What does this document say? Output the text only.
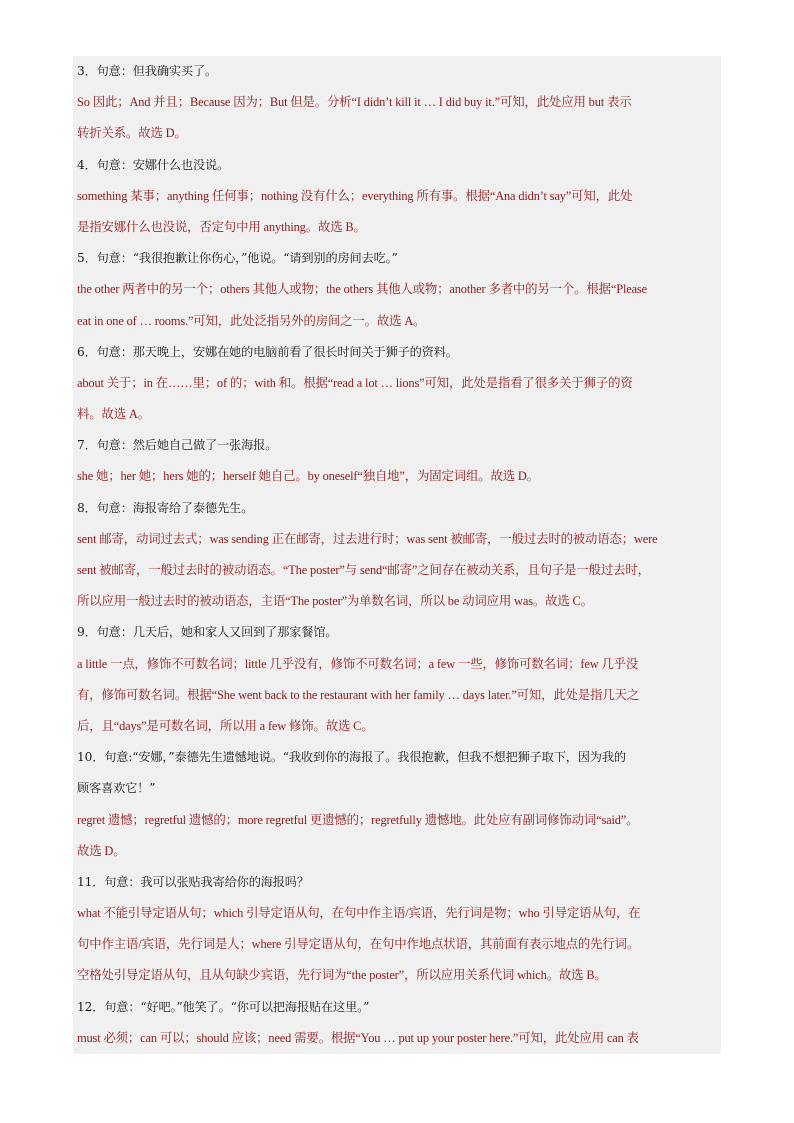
3．句意：但我确实买了。
So 因此；And 并且；Because 因为；But 但是。分析“I didn’t kill it … I did buy it.”可知，此处应用 but 表示
转折关系。故选 D。
4．句意：安娜什么也没说。
something 某事；anything 任何事；nothing 没有什么；everything 所有事。根据“Ana didn’t say”可知，此处
是指安娜什么也没说，否定句中用 anything。故选 B。
5．句意：“我很抱歉让你伤心，”他说。“请到别的房间去吃。”
the other 两者中的另一个；others 其他人或物；the others 其他人或物；another 多者中的另一个。根据“Please
eat in one of … rooms.”可知，此处泛指另外的房间之一。故选 A。
6．句意：那天晚上，安娜在她的电脑前看了很长时间关于狮子的资料。
about 关于；in 在……里；of 的；with 和。根据“read a lot … lions”可知，此处是指看了很多关于狮子的资
料。故选 A。
7．句意：然后她自己做了一张海报。
she 她；her 她；hers 她的；herself 她自己。by oneself“独自地”，为固定词组。故选 D。
8．句意：海报寄给了泰德先生。
sent 邮寄，动词过去式；was sending 正在邮寄，过去进行时；was sent 被邮寄，一般过去时的被动语态；were
sent 被邮寄，一般过去时的被动语态。“The poster”与 send“邮寄”之间存在被动关系，且句子是一般过去时，
所以应用一般过去时的被动语态，主语“The poster”为单数名词，所以 be 动词应用 was。故选 C。
9．句意：几天后，她和家人又回到了那家餐馆。
a little 一点，修饰不可数名词；little 几乎没有，修饰不可数名词；a few 一些，修饰可数名词；few 几乎没
有，修饰可数名词。根据“She went back to the restaurant with her family … days later.”可知，此处是指几天之
后，且“days”是可数名词，所以用 a few 修饰。故选 C。
10．句意:“安娜，”泰德先生遗憾地说。“我收到你的海报了。我很抱歉，但我不想把狮子取下，因为我的
顾客喜欢它！”
regret 遗憾；regretful 遗憾的；more regretful 更遗憾的；regretfully 遗憾地。此处应有副词修饰动词“said”。
故选 D。
11．句意：我可以张贴我寄给你的海报吗？
what 不能引导定语从句；which 引导定语从句，在句中作主语/宾语，先行词是物；who 引导定语从句，在
句中作主语/宾语，先行词是人；where 引导定语从句，在句中作地点状语，其前面有表示地点的先行词。
空格处引导定语从句，且从句缺少宾语，先行词为“the poster”，所以应用关系代词 which。故选 B。
12．句意：“好吧。”他笑了。“你可以把海报贴在这里。”
must 必须；can 可以；should 应该；need 需要。根据“You … put up your poster here.”可知，此处应用 can 表
